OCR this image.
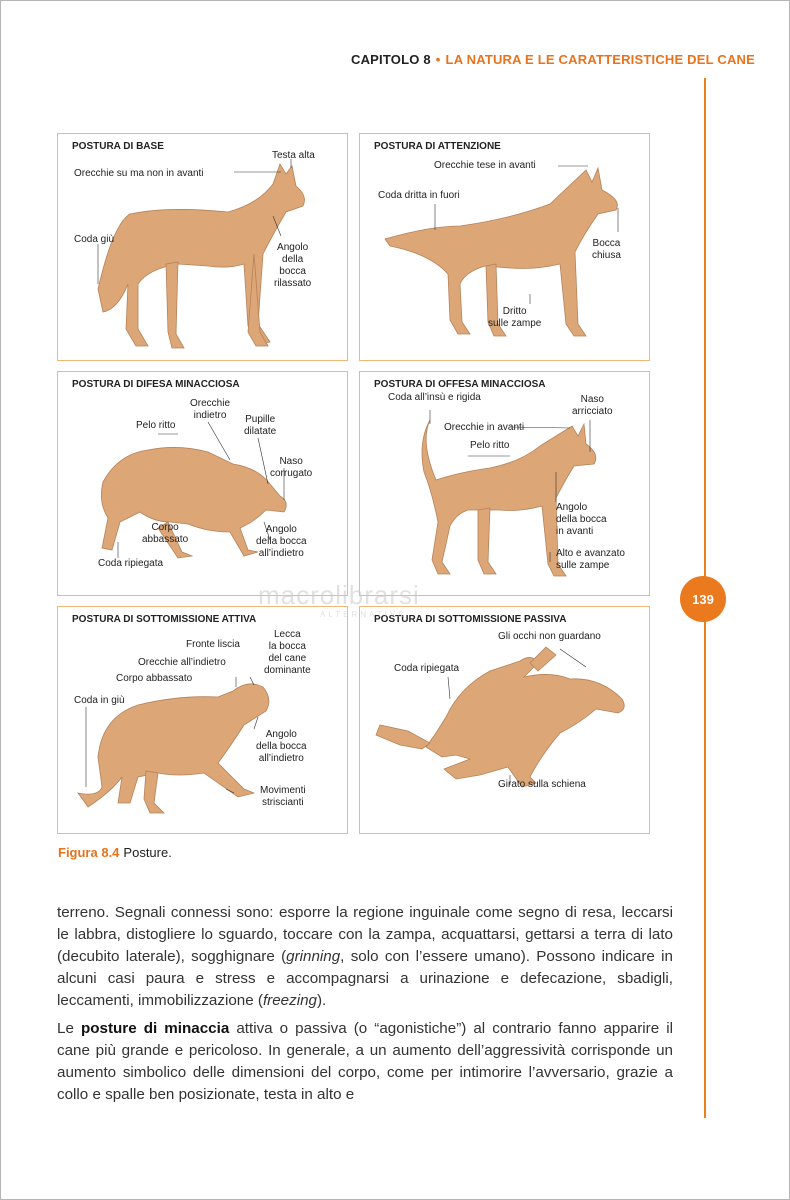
CAPITOLO 8 • LA NATURA E LE CARATTERISTICHE DEL CANE
139
POSTURA DI BASE
Testa alta
Orecchie su ma non in avanti
Coda giù
Angolo
della
bocca
rilassato
POSTURA DI ATTENZIONE
Orecchie tese in avanti
Coda dritta in fuori
Bocca
chiusa
Dritto
sulle zampe
POSTURA DI DIFESA MINACCIOSA
Orecchie
indietro	Pupille
dilatate
Pelo ritto
Naso
corrugato
Corpo
abbassato
Angolo
della bocca
all’indietro
Coda ripiegata
POSTURA DI OFFESA MINACCIOSA
Coda all’insù e rigida	Naso
arricciato
Orecchie in avanti
Pelo ritto
Angolo
della bocca
in avanti
Alto e avanzato
sulle zampe
POSTURA DI SOTTOMISSIONE ATTIVA
Lecca
la bocca
del cane
dominante
Fronte liscia
Orecchie all’indietro
Corpo abbassato
Coda in giù
Angolo
della bocca
all’indietro
Movimenti
striscianti
POSTURA DI SOTTOMISSIONE PASSIVA
Gli occhi non guardano
Coda ripiegata
Girato sulla schiena
macrolibrarsi
ALTERNATIVA
Figura 8.4 Posture.

terreno. Segnali connessi sono: esporre la regione inguinale come segno di resa, leccarsi le labbra, distogliere lo sguardo, toccare con la zampa, acquattarsi, gettarsi a terra di lato (decubito laterale), sogghignare (grinning, solo con l’essere umano). Possono indicare in alcuni casi paura e stress e accompagnarsi a urinazione e defecazione, sbadigli, leccamenti, immobilizzazione (freezing).

Le posture di minaccia attiva o passiva (o “agonistiche”) al contrario fanno apparire il cane più grande e pericoloso. In generale, a un aumento dell’aggressività corrisponde un aumento simbolico delle dimensioni del corpo, come per intimorire l’avversario, grazie a collo e spalle ben posizionate, testa in alto e
